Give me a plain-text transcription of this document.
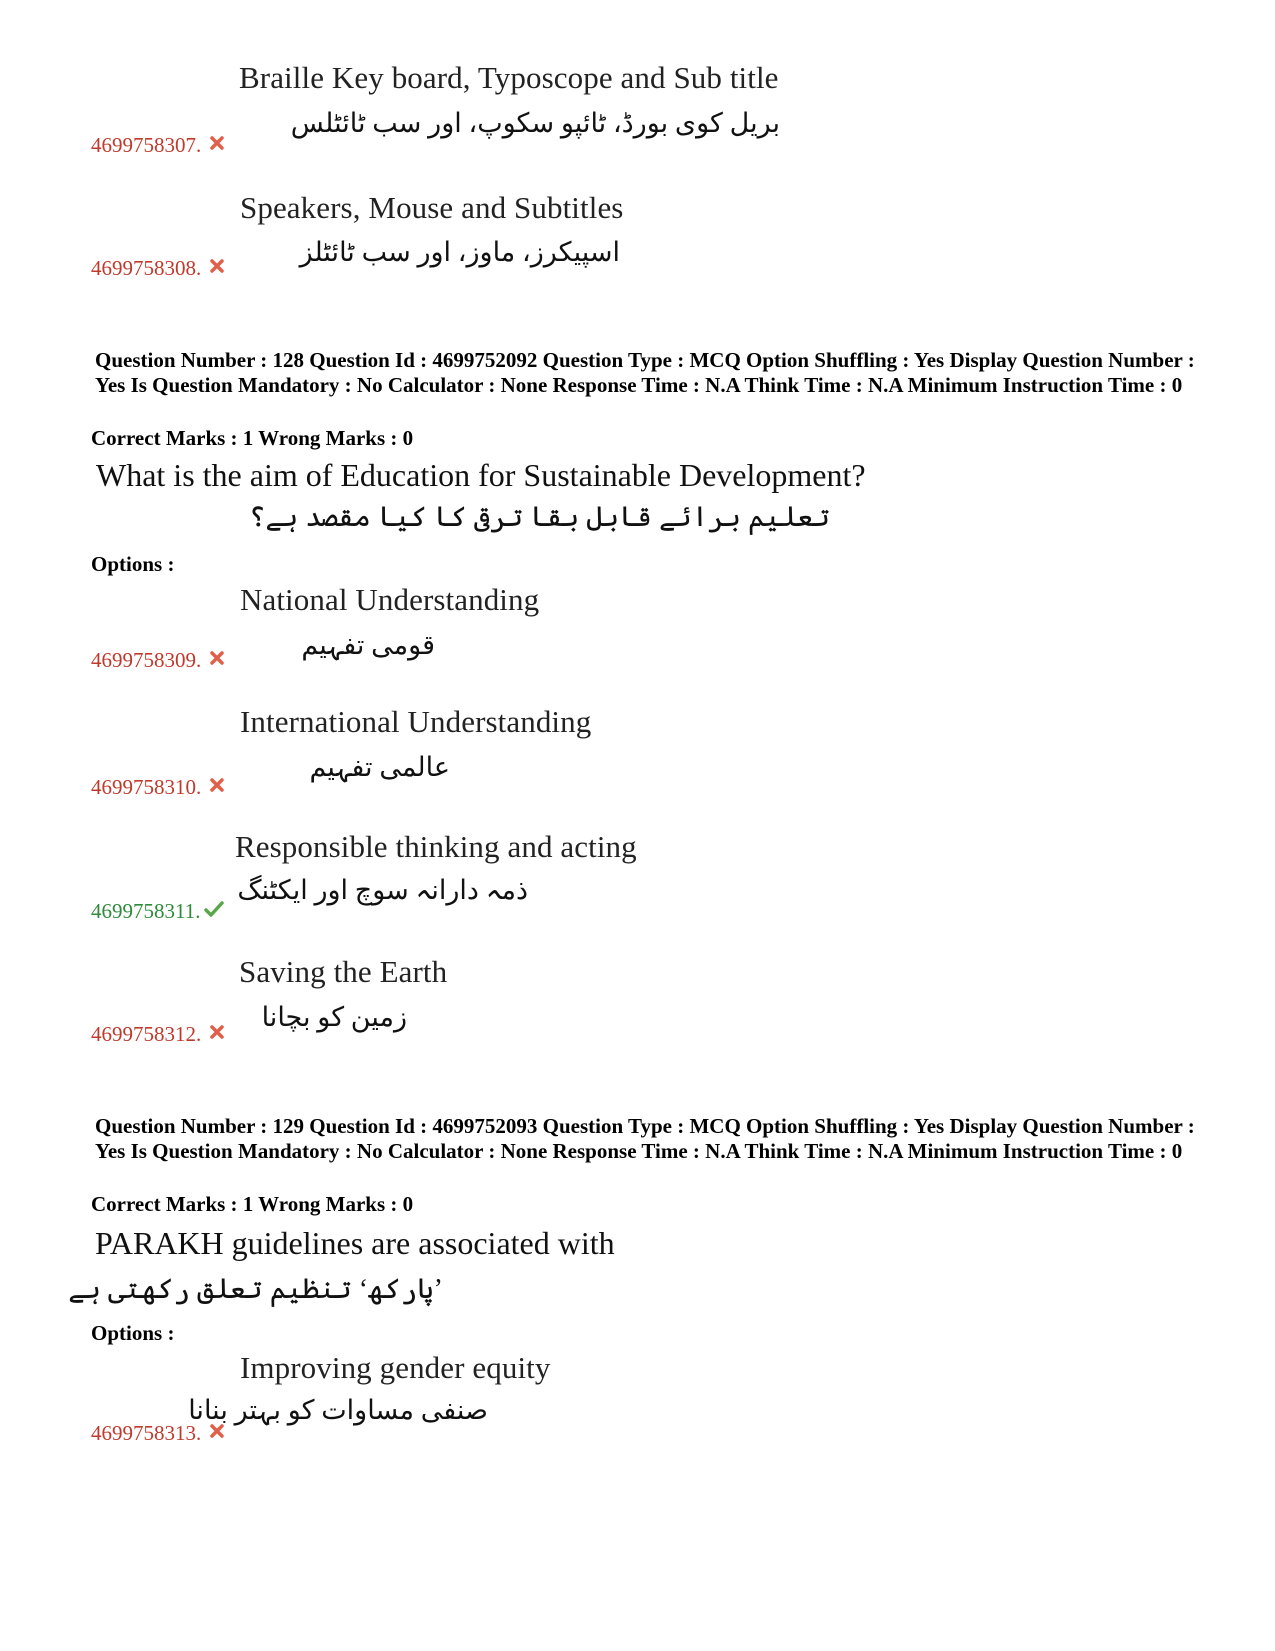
Braille Key board, Typoscope and Sub title
بریل کوی بورڈ، ٹائپو سکوپ، اور سب ٹائٹلس
4699758307.
Speakers, Mouse and Subtitles
اسپیکرز، ماوز، اور سب ٹائٹلز
4699758308.
Question Number : 128 Question Id : 4699752092 Question Type : MCQ Option Shuffling : Yes Display Question Number : Yes Is Question Mandatory : No Calculator : None Response Time : N.A Think Time : N.A Minimum Instruction Time : 0
Correct Marks : 1 Wrong Marks : 0
What is the aim of Education for Sustainable Development?
تعلیم برائے قابل بقا ترقی کا کیا مقصد ہے؟
Options :
National Understanding
قومی تفہیم
4699758309.
International Understanding
عالمی تفہیم
4699758310.
Responsible thinking and acting
ذمہ دارانہ سوچ اور ایکٹنگ
4699758311.
Saving the Earth
زمین کو بچانا
4699758312.
Question Number : 129 Question Id : 4699752093 Question Type : MCQ Option Shuffling : Yes Display Question Number : Yes Is Question Mandatory : No Calculator : None Response Time : N.A Think Time : N.A Minimum Instruction Time : 0
Correct Marks : 1 Wrong Marks : 0
PARAKH guidelines are associated with
’پارکھ‘ تنظیم تعلق رکھتی ہے
Options :
Improving gender equity
صنفی مساوات کو بہتر بنانا
4699758313.
